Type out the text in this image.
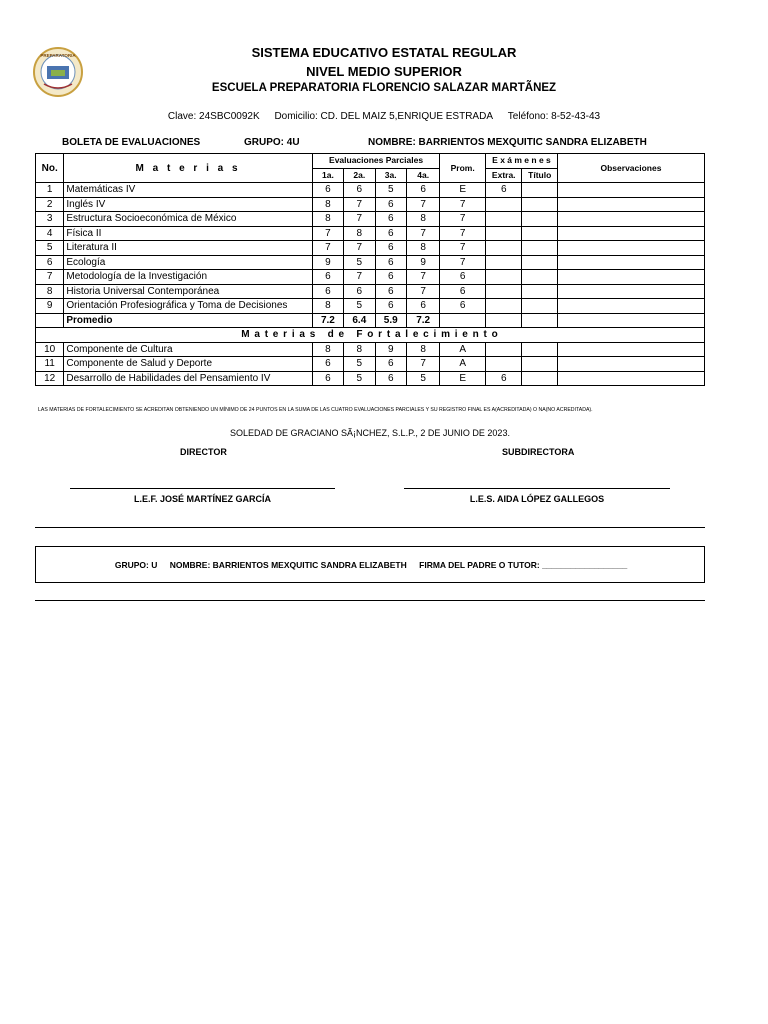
PREPARATORIA	SISTEMA EDUCATIVO ESTATAL REGULAR
NIVEL MEDIO SUPERIOR
ESCUELA PREPARATORIA FLORENCIO SALAZAR MARTÃNEZ
Clave: 24SBC0092K Domicilio: CD. DEL MAIZ 5,ENRIQUE ESTRADA Teléfono: 8-52-43-43
BOLETA DE EVALUACIONES	GRUPO: 4U	NOMBRE: BARRIENTOS MEXQUITIC SANDRA ELIZABETH
No.	M a t e r i a s	Evaluaciones Parciales				Prom.	E x á m e n e s		Observaciones
		1a.	2a.	3a.	4a.		Extra.	Título	
1	Matemáticas IV	6	6	5	6	E	6		
2	Inglés IV	8	7	6	7	7			
3	Estructura Socioeconómica de México	8	7	6	8	7			
4	Física II	7	8	6	7	7			
5	Literatura II	7	7	6	8	7			
6	Ecología	9	5	6	9	7			
7	Metodología de la Investigación	6	7	6	7	6			
8	Historia Universal Contemporánea	6	6	6	7	6			
9	Orientación Profesiográfica y Toma de Decisiones	8	5	6	6	6			
	Promedio	7.2	6.4	5.9	7.2				
M a t e r i a s   d e   F o r t a l e c i m i e n t o									
10	Componente de Cultura	8	8	9	8	A			
11	Componente de Salud y Deporte	6	5	6	7	A			
12	Desarrollo de Habilidades del Pensamiento IV	6	5	6	5	E	6		
LAS MATERIAS DE FORTALECIMIENTO SE ACREDITAN OBTENIENDO UN MÍNIMO DE 24 PUNTOS EN LA SUMA DE LAS CUATRO EVALUACIONES PARCIALES Y SU REGISTRO FINAL ES A(ACREDITADA) O NA(NO ACREDITADA).
SOLEDAD DE GRACIANO SÃ¡NCHEZ, S.L.P., 2 DE JUNIO DE 2023.
DIRECTOR	SUBDIRECTORA
L.E.F. JOSÉ MARTÍNEZ GARCÍA	L.E.S. AIDA LÓPEZ GALLEGOS
GRUPO: U NOMBRE: BARRIENTOS MEXQUITIC SANDRA ELIZABETH FIRMA DEL PADRE O TUTOR: __________________
